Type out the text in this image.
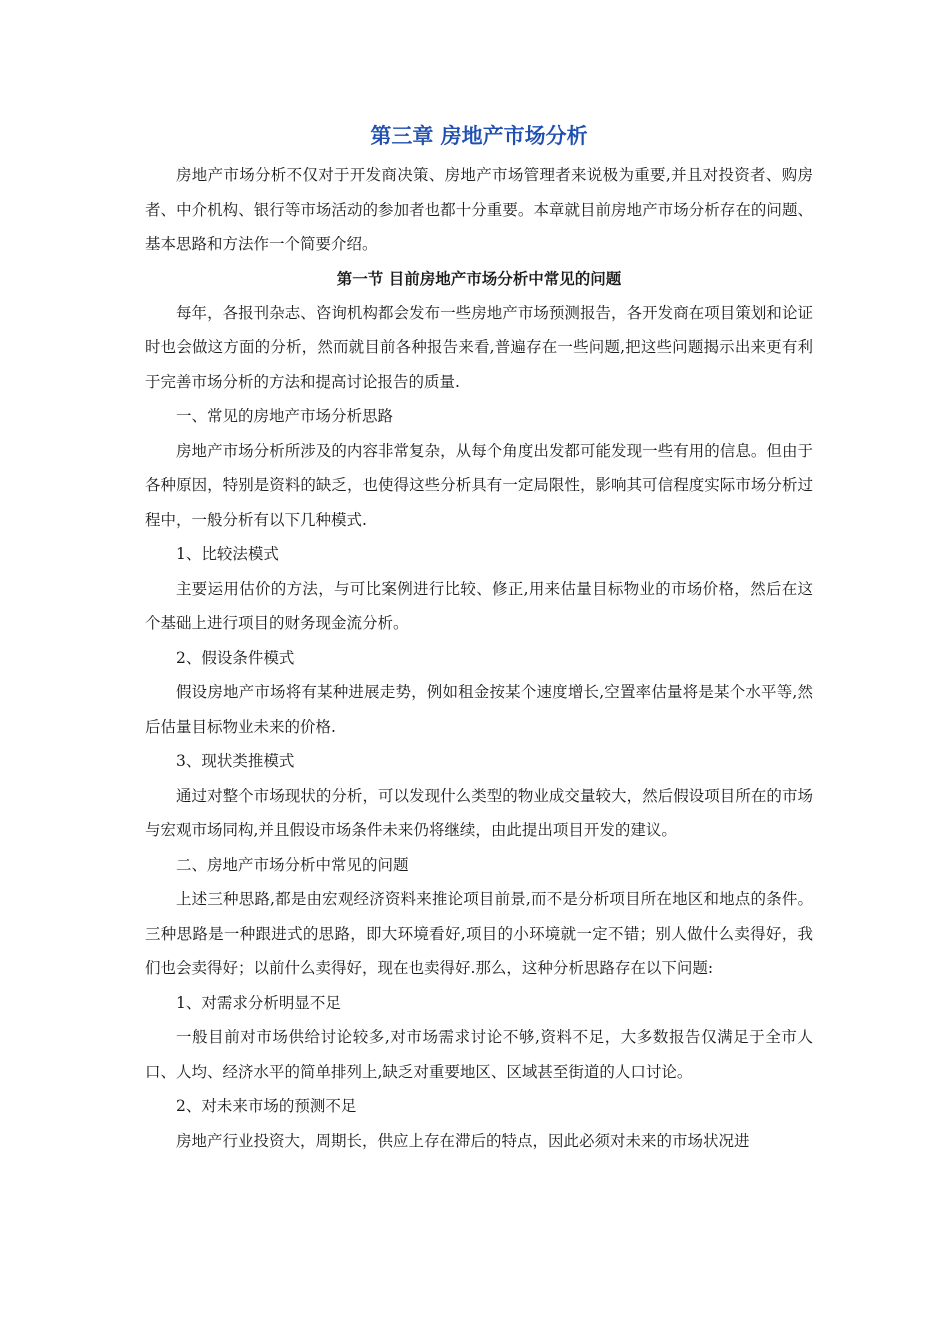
第三章 房地产市场分析

房地产市场分析不仅对于开发商决策、房地产市场管理者来说极为重要,并且对投资者、购房者、中介机构、银行等市场活动的参加者也都十分重要。本章就目前房地产市场分析存在的问题、基本思路和方法作一个简要介绍。

第一节 目前房地产市场分析中常见的问题

每年，各报刊杂志、咨询机构都会发布一些房地产市场预测报告，各开发商在项目策划和论证时也会做这方面的分析，然而就目前各种报告来看,普遍存在一些问题,把这些问题揭示出来更有利于完善市场分析的方法和提高讨论报告的质量.

一、常见的房地产市场分析思路

房地产市场分析所涉及的内容非常复杂，从每个角度出发都可能发现一些有用的信息。但由于各种原因，特别是资料的缺乏，也使得这些分析具有一定局限性，影响其可信程度实际市场分析过程中，一般分析有以下几种模式.

1、比较法模式

主要运用估价的方法，与可比案例进行比较、修正,用来估量目标物业的市场价格，然后在这个基础上进行项目的财务现金流分析。

2、假设条件模式

假设房地产市场将有某种进展走势，例如租金按某个速度增长,空置率估量将是某个水平等,然后估量目标物业未来的价格.

3、现状类推模式

通过对整个市场现状的分析，可以发现什么类型的物业成交量较大，然后假设项目所在的市场与宏观市场同构,并且假设市场条件未来仍将继续，由此提出项目开发的建议。

二、房地产市场分析中常见的问题

上述三种思路,都是由宏观经济资料来推论项目前景,而不是分析项目所在地区和地点的条件。三种思路是一种跟进式的思路，即大环境看好,项目的小环境就一定不错；别人做什么卖得好，我们也会卖得好；以前什么卖得好，现在也卖得好.那么，这种分析思路存在以下问题:

1、对需求分析明显不足

一般目前对市场供给讨论较多,对市场需求讨论不够,资料不足，大多数报告仅满足于全市人口、人均、经济水平的简单排列上,缺乏对重要地区、区域甚至街道的人口讨论。

2、对未来市场的预测不足

房地产行业投资大，周期长，供应上存在滞后的特点，因此必须对未来的市场状况进
